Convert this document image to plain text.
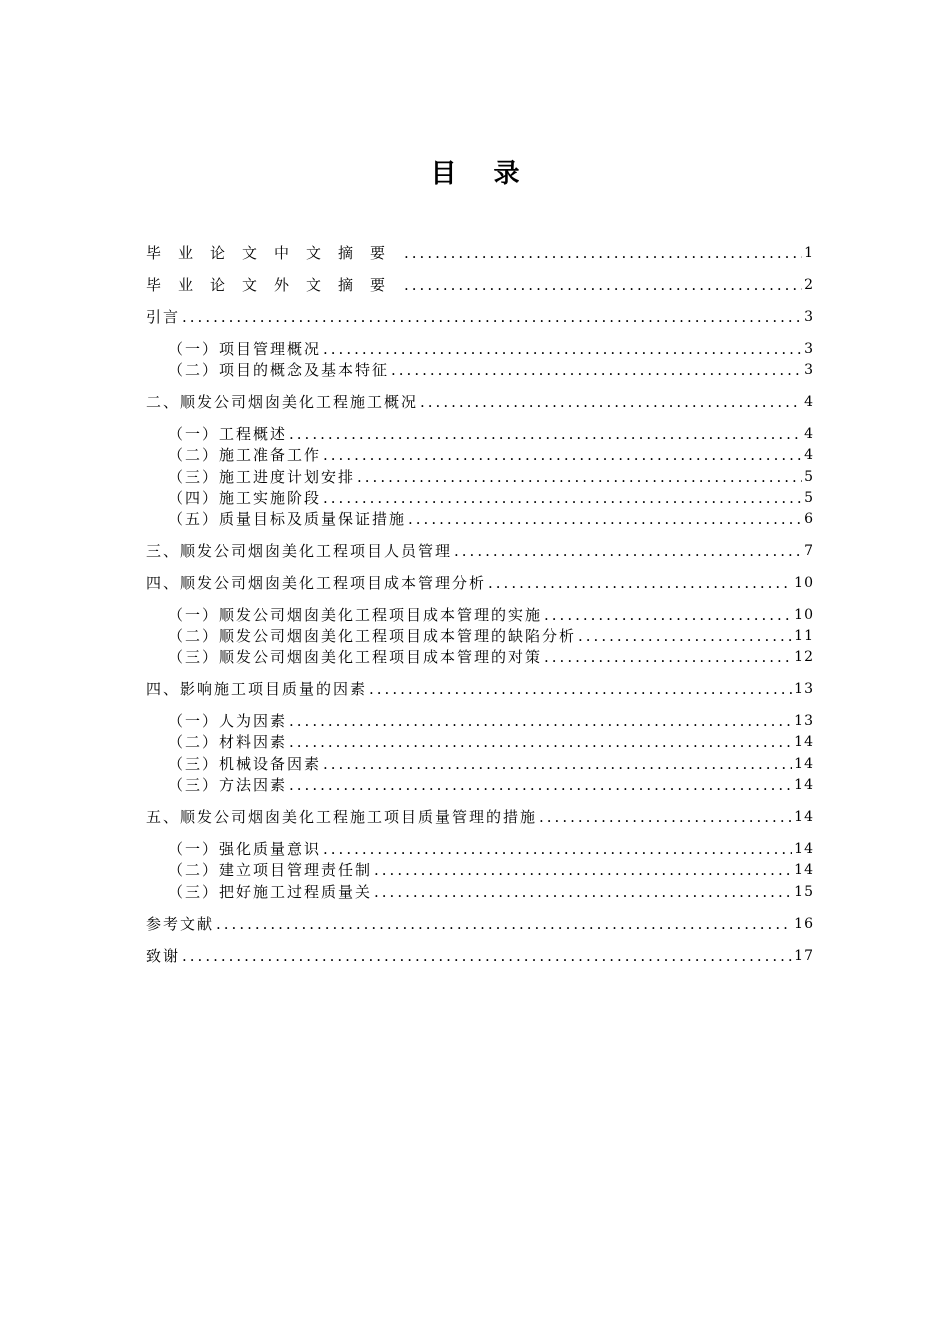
目 录
毕业论文中文摘要 .....	1
毕业论文外文摘要 .....	2
引言 .....	3
（一）项目管理概况 .....	3
（二）项目的概念及基本特征 .....	3
二、顺发公司烟囱美化工程施工概况 .....	4
（一）工程概述 .....	4
（二）施工准备工作 .....	4
（三）施工进度计划安排 .....	5
（四）施工实施阶段 .....	5
（五）质量目标及质量保证措施 .....	6
三、顺发公司烟囱美化工程项目人员管理 .....	7
四、顺发公司烟囱美化工程项目成本管理分析 .....	10
（一）顺发公司烟囱美化工程项目成本管理的实施 .....	10
（二）顺发公司烟囱美化工程项目成本管理的缺陷分析 .....	11
（三）顺发公司烟囱美化工程项目成本管理的对策 .....	12
四、影响施工项目质量的因素 .....	13
（一）人为因素 .....	13
（二）材料因素 .....	14
（三）机械设备因素 .....	14
（三）方法因素 .....	14
五、顺发公司烟囱美化工程施工项目质量管理的措施 .....	14
（一）强化质量意识 .....	14
（二）建立项目管理责任制 .....	14
（三）把好施工过程质量关 .....	15
参考文献 .....	16
致谢 .....	17
